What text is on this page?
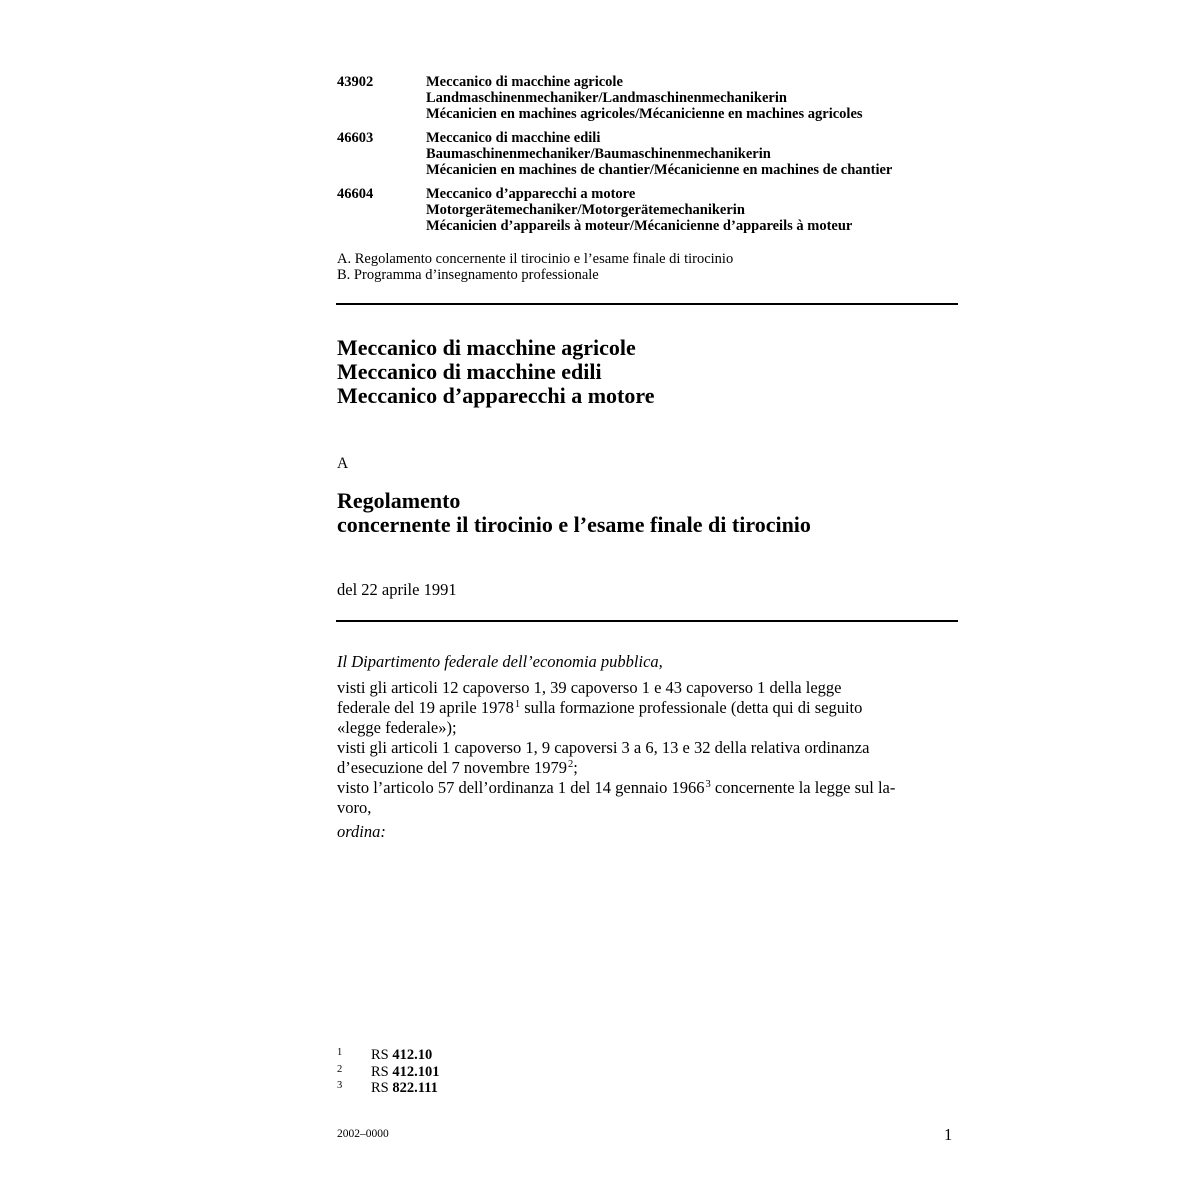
43902	Meccanico di macchine agricole
Landmaschinenmechaniker/Landmaschinenmechanikerin
Mécanicien en machines agricoles/Mécanicienne en machines agricoles
46603	Meccanico di macchine edili
Baumaschinenmechaniker/Baumaschinenmechanikerin
Mécanicien en machines de chantier/Mécanicienne en machines de chantier
46604	Meccanico d’apparecchi a motore
Motorgerätemechaniker/Motorgerätemechanikerin
Mécanicien d’appareils à moteur/Mécanicienne d’appareils à moteur
A. Regolamento concernente il tirocinio e l’esame finale di tirocinio
B. Programma d’insegnamento professionale
Meccanico di macchine agricole
Meccanico di macchine edili
Meccanico d’apparecchi a motore
A
Regolamento
concernente il tirocinio e l’esame finale di tirocinio
del 22 aprile 1991
Il Dipartimento federale dell’economia pubblica,
visti gli articoli 12 capoverso 1, 39 capoverso 1 e 43 capoverso 1 della legge
federale del 19 aprile 1978$^1$ sulla formazione professionale (detta qui di seguito
«legge federale»);
visti gli articoli 1 capoverso 1, 9 capoversi 3 a 6, 13 e 32 della relativa ordinanza
d’esecuzione del 7 novembre 1979$^2$;
visto l’articolo 57 dell’ordinanza 1 del 14 gennaio 1966$^3$ concernente la legge sul la-
voro,
ordina:
1	RS 412.10
2	RS 412.101
3	RS 822.111
2002–0000	1
